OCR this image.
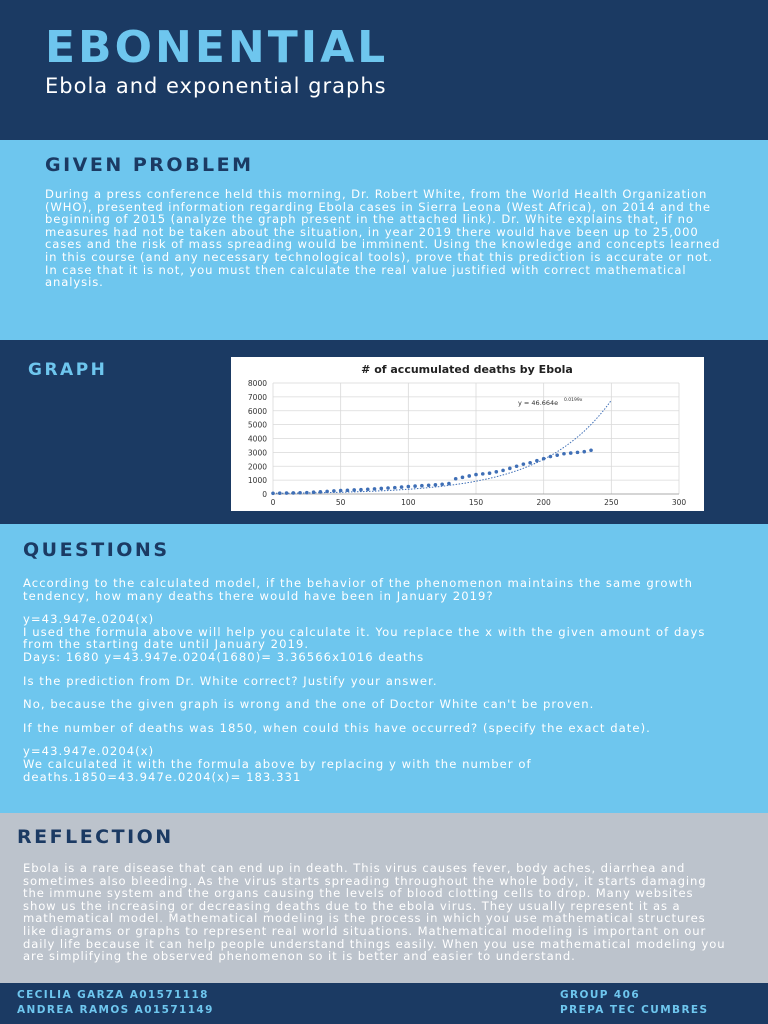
EBONENTIAL
Ebola and exponential graphs
GIVEN PROBLEM

During a press conference held this morning, Dr. Robert White, from the World Health Organization (WHO), presented information regarding Ebola cases in Sierra Leona (West Africa), on 2014 and the beginning of 2015 (analyze the graph present in the attached link). Dr. White explains that, if no measures had not be taken about the situation, in year 2019 there would have been up to 25,000 cases and the risk of mass spreading would be imminent. Using the knowledge and concepts learned in this course (and any necessary technological tools), prove that this prediction is accurate or not. In case that it is not, you must then calculate the real value justified with correct mathematical analysis.

GRAPH	# of accumulated deaths by Ebola
0
1000
2000
3000
4000
5000
6000
7000
8000
0	50	100	150	200	250	300
y = 46.664e 0.0199x
QUESTIONS

According to the calculated model, if the behavior of the phenomenon maintains the same growth tendency, how many deaths there would have been in January 2019?

y=43.947e.0204(x)

I used the formula above will help you calculate it. You replace the x with the given amount of days from the starting date until January 2019.

Days: 1680 y=43.947e.0204(1680)= 3.36566x1016 deaths

Is the prediction from Dr. White correct? Justify your answer.

No, because the given graph is wrong and the one of Doctor White can't be proven.

If the number of deaths was 1850, when could this have occurred? (specify the exact date).

y=43.947e.0204(x)

We calculated it with the formula above by replacing y with the number of deaths.1850=43.947e.0204(x)= 183.331

REFLECTION

Ebola is a rare disease that can end up in death. This virus causes fever, body aches, diarrhea and sometimes also bleeding. As the virus starts spreading throughout the whole body, it starts damaging the immune system and the organs causing the levels of blood clotting cells to drop. Many websites show us the increasing or decreasing deaths due to the ebola virus. They usually represent it as a mathematical model. Mathematical modeling is the process in which you use mathematical structures like diagrams or graphs to represent real world situations. Mathematical modeling is important on our daily life because it can help people understand things easily. When you use mathematical modeling you are simplifying the observed phenomenon so it is better and easier to understand.

CECILIA GARZA A01571118
ANDREA RAMOS A01571149
GROUP 406
PREPA TEC CUMBRES
